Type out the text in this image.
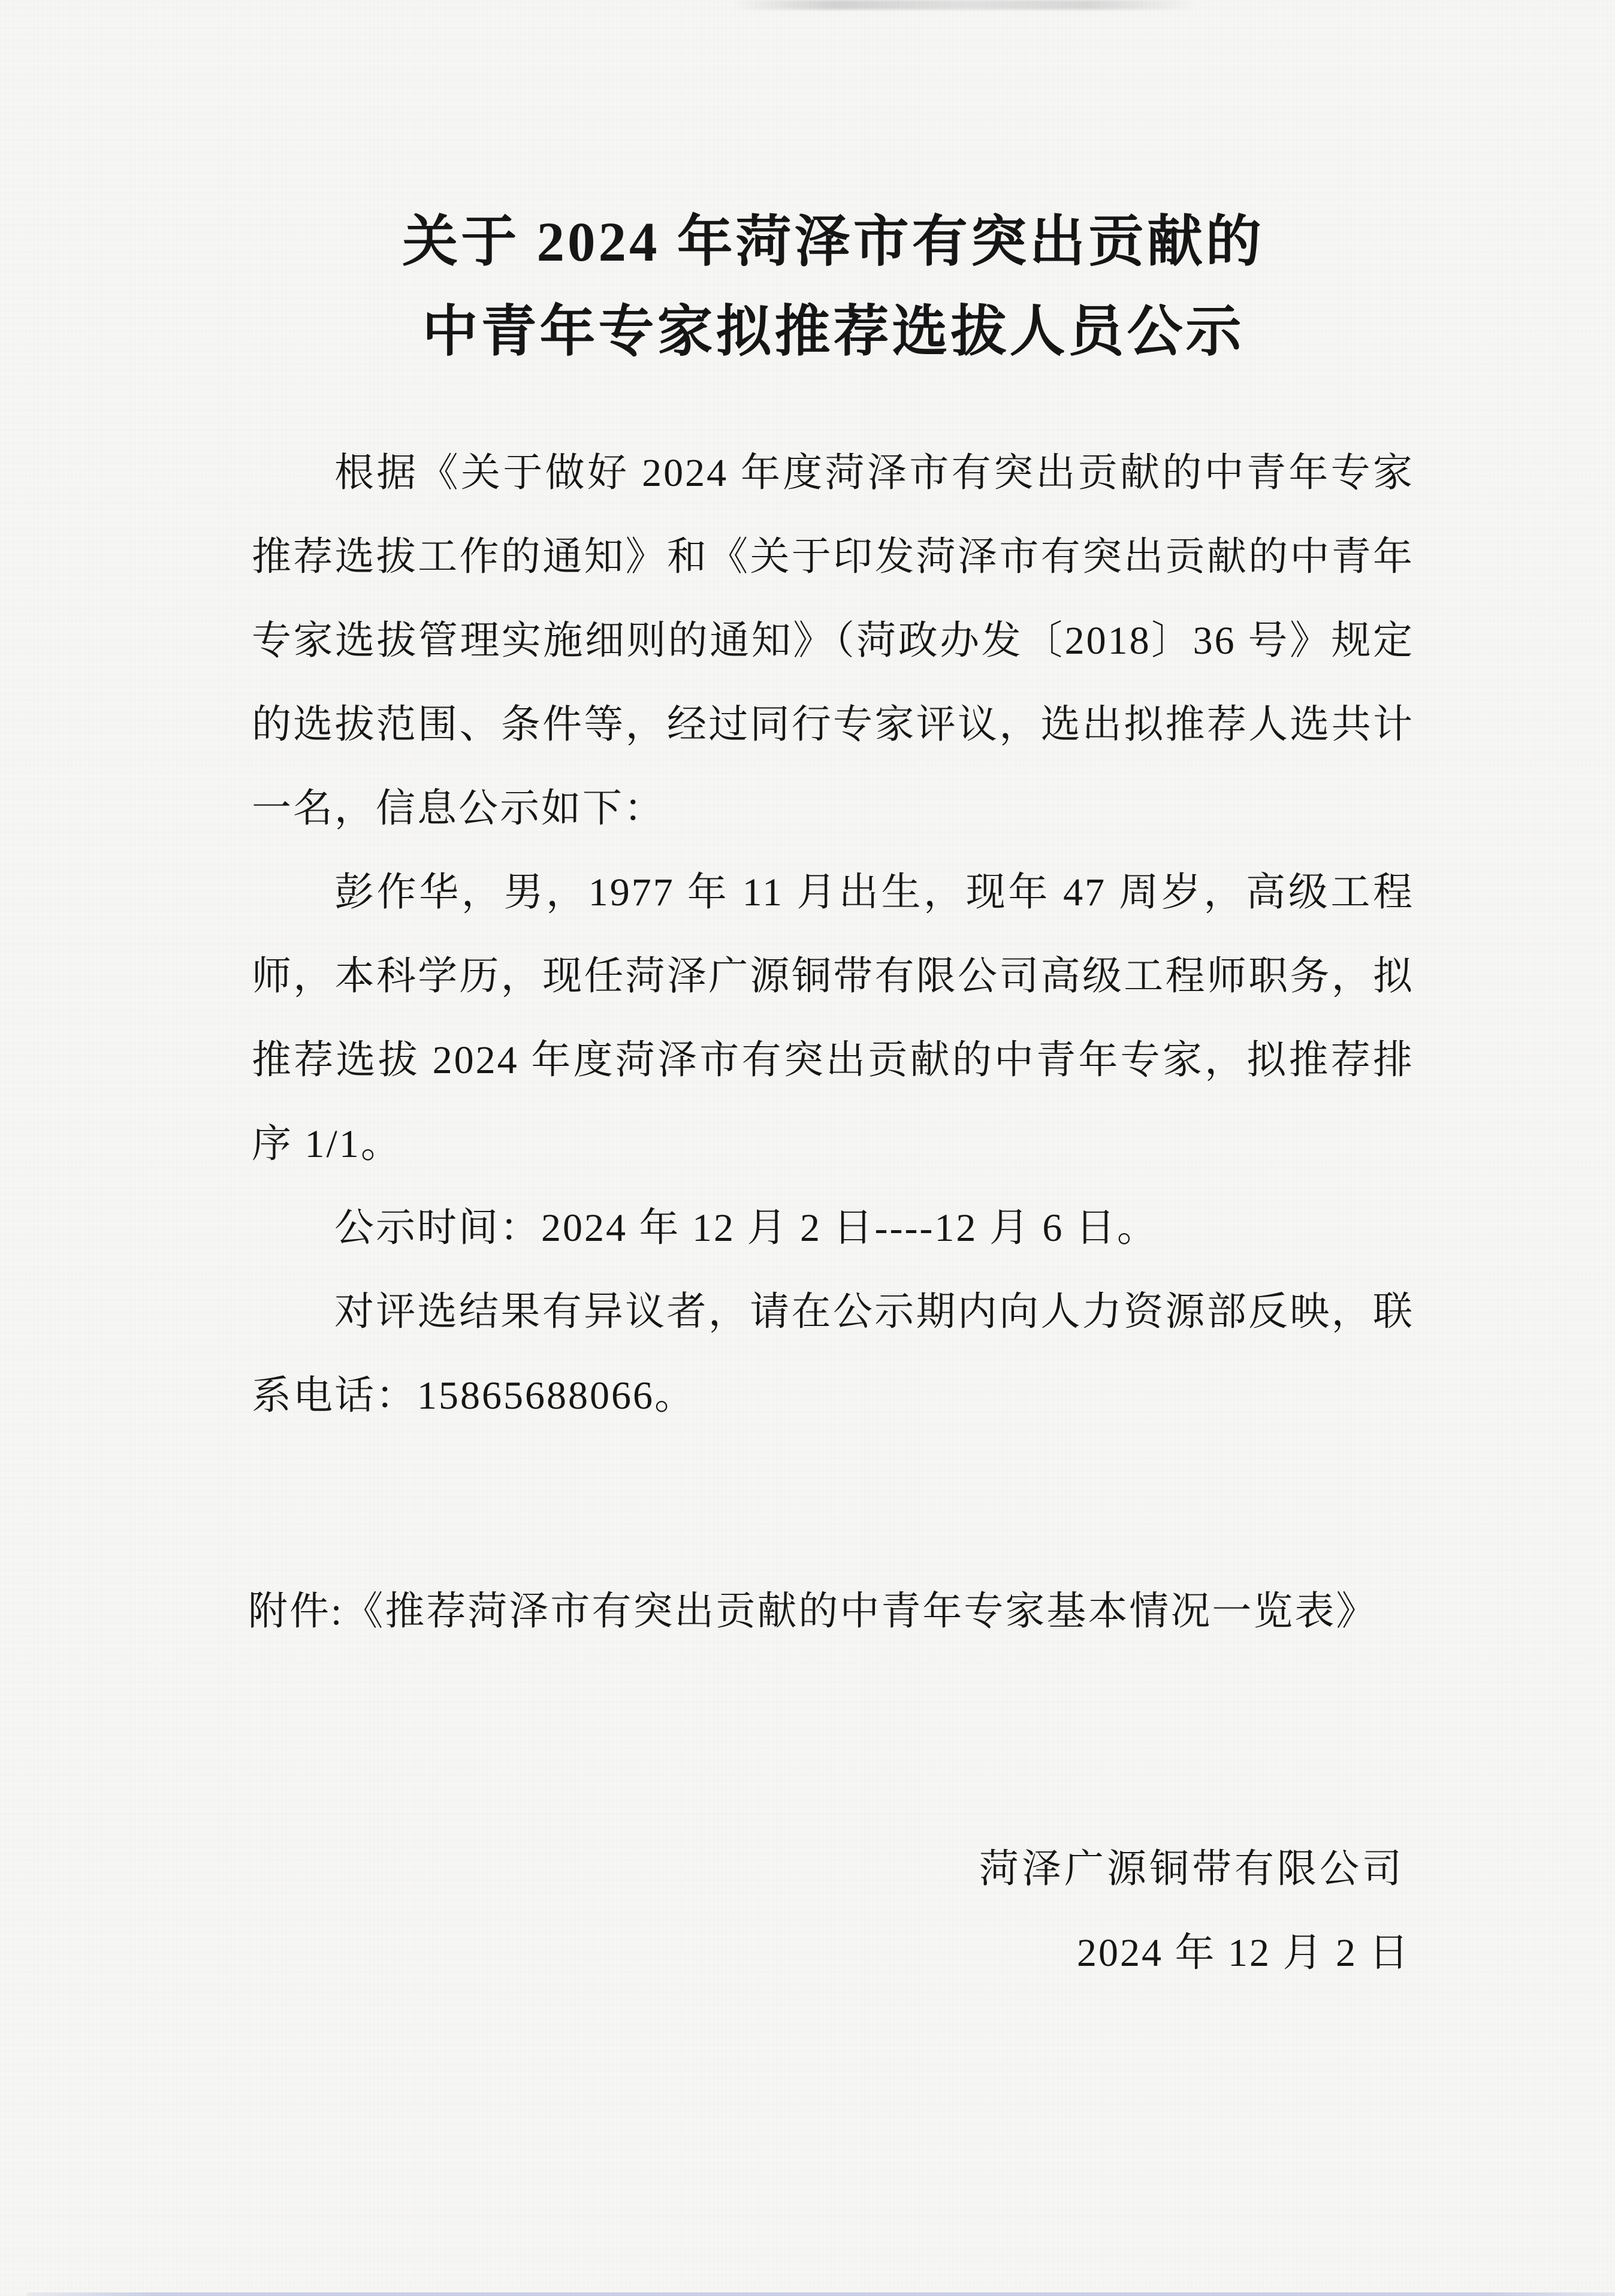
关于 2024 年菏泽市有突出贡献的
中青年专家拟推荐选拔人员公示
根据《关于做好 2024 年度菏泽市有突出贡献的中青年专家
推荐选拔工作的通知》和《关于印发菏泽市有突出贡献的中青年
专家选拔管理实施细则的通知》（菏政办发〔2018〕36 号》规定
的选拔范围、条件等，经过同行专家评议，选出拟推荐人选共计
一名，信息公示如下：
彭作华，男，1977 年 11 月出生，现年 47 周岁，高级工程
师，本科学历，现任菏泽广源铜带有限公司高级工程师职务，拟
推荐选拔 2024 年度菏泽市有突出贡献的中青年专家，拟推荐排
序 1/1。
公示时间：2024 年 12 月 2 日----12 月 6 日。
对评选结果有异议者，请在公示期内向人力资源部反映，联
系电话：15865688066。
附件:《推荐菏泽市有突出贡献的中青年专家基本情况一览表》
菏泽广源铜带有限公司
2024 年 12 月 2 日
